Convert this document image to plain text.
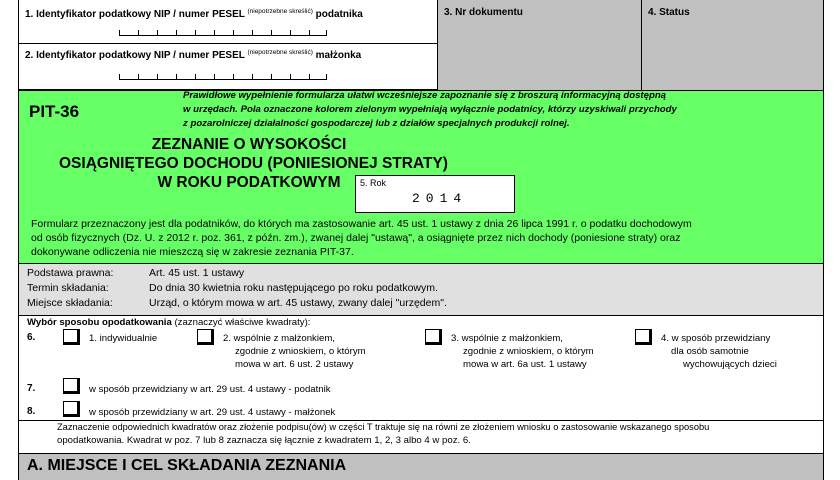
1. Identyfikator podatkowy NIP / numer PESEL $^{(niepotrzebne skreślić)}$ podatnika
2. Identyfikator podatkowy NIP / numer PESEL $^{(niepotrzebne skreślić)}$ małżonka
3. Nr dokumentu	4. Status
PIT-36
Prawidłowe wypełnienie formularza ułatwi wcześniejsze zapoznanie się z broszurą informacyjną dostępną
w urzędach. Pola oznaczone kolorem zielonym wypełniają wyłącznie podatnicy, którzy uzyskiwali przychody
z pozarolniczej działalności gospodarczej lub z działów specjalnych produkcji rolnej.
ZEZNANIE O WYSOKOŚCI
OSIĄGNIĘTEGO DOCHODU (PONIESIONEJ STRATY)
W ROKU PODATKOWYM	5. Rok
2014
Formularz przeznaczony jest dla podatników, do których ma zastosowanie art. 45 ust. 1 ustawy z dnia 26 lipca 1991 r. o podatku dochodowym
od osób fizycznych (Dz. U. z 2012 r. poz. 361, z późn. zm.), zwanej dalej "ustawą", a osiągnięte przez nich dochody (poniesione straty) oraz
dokonywane odliczenia nie mieszczą się w zakresie zeznania PIT-37.
Podstawa prawna:	Art. 45 ust. 1 ustawy
Termin składania:	Do dnia 30 kwietnia roku następującego po roku podatkowym.
Miejsce składania:	Urząd, o którym mowa w art. 45 ustawy, zwany dalej "urzędem".
Wybór sposobu opodatkowania (zaznaczyć właściwe kwadraty):
6.	1. indywidualnie	2. wspólnie z małżonkiem,
zgodnie z wnioskiem, o którym
mowa w art. 6 ust. 2 ustawy
3. wspólnie z małżonkiem,
zgodnie z wnioskiem, o którym
mowa w art. 6a ust. 1 ustawy
4. w sposób przewidziany
dla osób samotnie
wychowujących dzieci
7.	w sposób przewidziany w art. 29 ust. 4 ustawy - podatnik
8.	w sposób przewidziany w art. 29 ust. 4 ustawy - małżonek
Zaznaczenie odpowiednich kwadratów oraz złożenie podpisu(ów) w części T traktuje się na równi ze złożeniem wniosku o zastosowanie wskazanego sposobu
opodatkowania. Kwadrat w poz. 7 lub 8 zaznacza się łącznie z kwadratem 1, 2, 3 albo 4 w poz. 6.
A. MIEJSCE I CEL SKŁADANIA ZEZNANIA
